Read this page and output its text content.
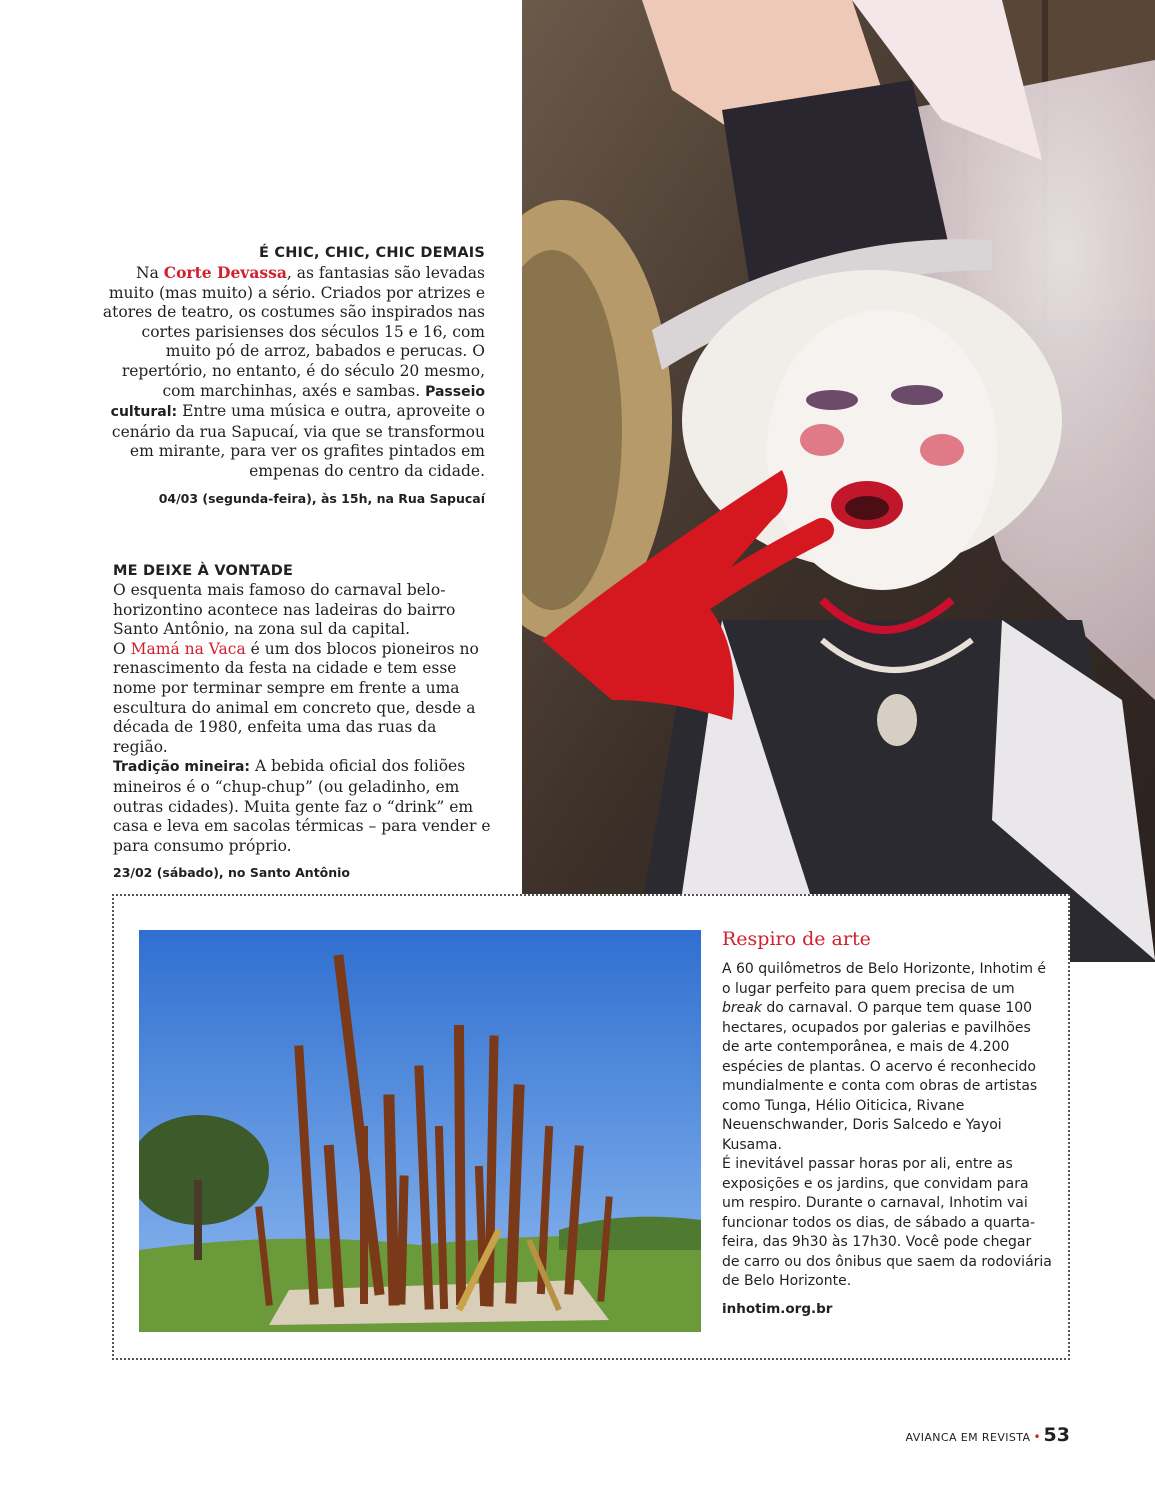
É CHIC, CHIC, CHIC DEMAIS

Na Corte Devassa, as fantasias são levadas muito (mas muito) a sério. Criados por atrizes e atores de teatro, os costumes são inspirados nas cortes parisienses dos séculos 15 e 16, com muito pó de arroz, babados e perucas. O repertório, no entanto, é do século 20 mesmo, com marchinhas, axés e sambas. Passeio cultural: Entre uma música e outra, aproveite o cenário da rua Sapucaí, via que se transformou em mirante, para ver os grafites pintados em empenas do centro da cidade.

04/03 (segunda-feira), às 15h, na Rua Sapucaí
ME DEIXE À VONTADE

O esquenta mais famoso do carnaval belo-horizontino acontece nas ladeiras do bairro Santo Antônio, na zona sul da capital.

O Mamá na Vaca é um dos blocos pioneiros no renascimento da festa na cidade e tem esse nome por terminar sempre em frente a uma escultura do animal em concreto que, desde a década de 1980, enfeita uma das ruas da região.

Tradição mineira: A bebida oficial dos foliões mineiros é o “chup-chup” (ou geladinho, em outras cidades). Muita gente faz o “drink” em casa e leva em sacolas térmicas – para vender e para consumo próprio.

23/02 (sábado), no Santo Antônio
Respiro de arte
A 60 quilômetros de Belo Horizonte, Inhotim é o lugar perfeito para quem precisa de um break do carnaval. O parque tem quase 100 hectares, ocupados por galerias e pavilhões de arte contemporânea, e mais de 4.200 espécies de plantas. O acervo é reconhecido mundialmente e conta com obras de artistas como Tunga, Hélio Oiticica, Rivane Neuenschwander, Doris Salcedo e Yayoi Kusama.
É inevitável passar horas por ali, entre as exposições e os jardins, que convidam para um respiro. Durante o carnaval, Inhotim vai funcionar todos os dias, de sábado a quarta-feira, das 9h30 às 17h30. Você pode chegar de carro ou dos ônibus que saem da rodoviária de Belo Horizonte.
inhotim.org.br
AVIANCA EM REVISTA • 53
